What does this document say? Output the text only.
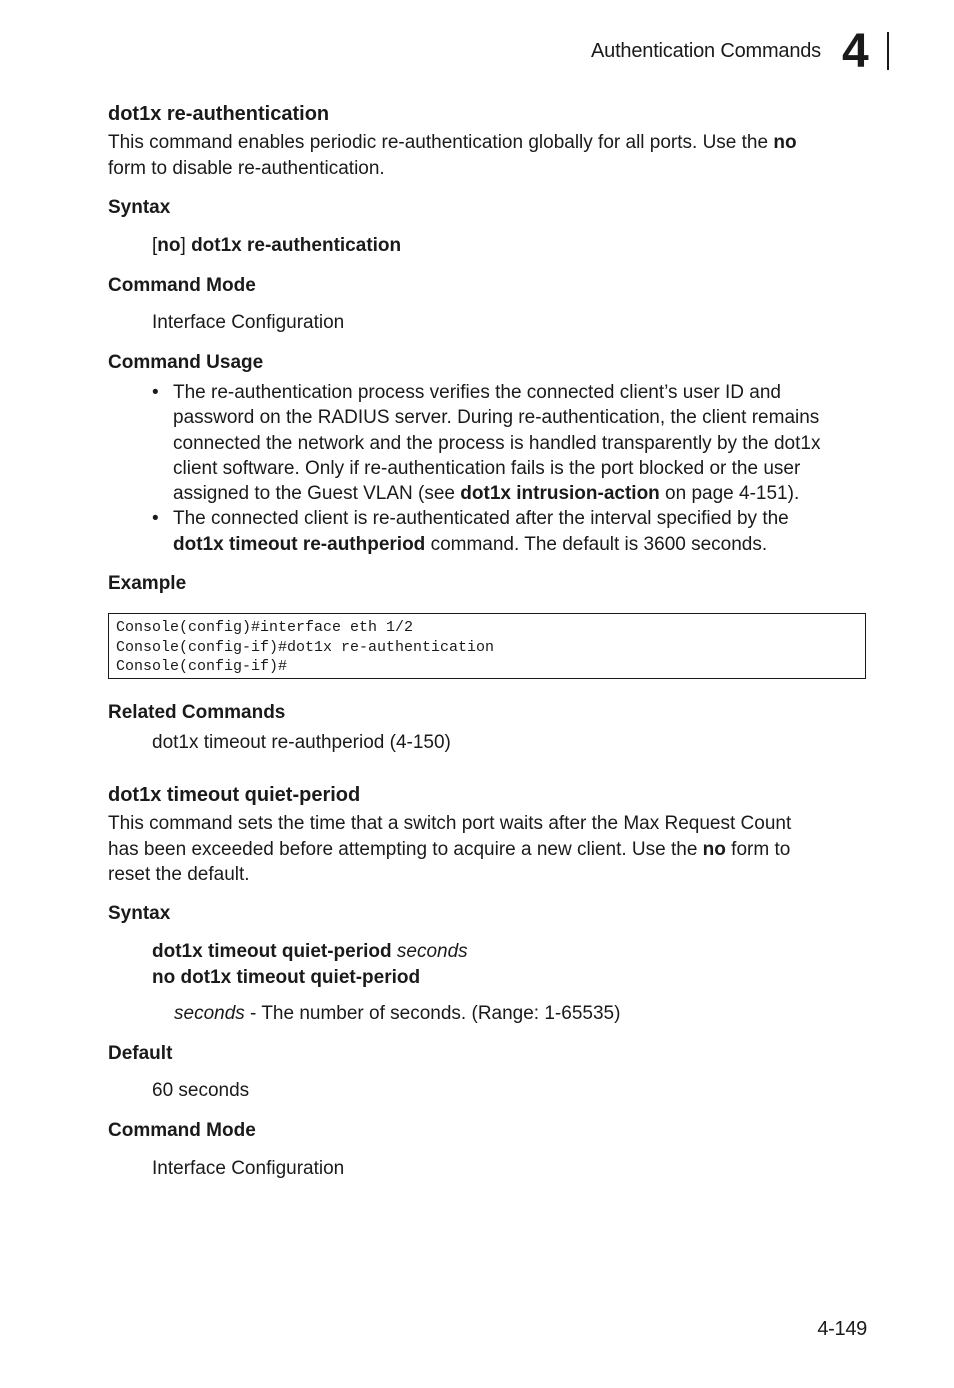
Authentication Commands 4
dot1x re-authentication
This command enables periodic re-authentication globally for all ports. Use the no
form to disable re-authentication.
Syntax
[no] dot1x re-authentication
Command Mode
Interface Configuration
Command Usage
• The re-authentication process verifies the connected client’s user ID and
password on the RADIUS server. During re-authentication, the client remains
connected the network and the process is handled transparently by the dot1x
client software. Only if re-authentication fails is the port blocked or the user
assigned to the Guest VLAN (see dot1x intrusion-action on page 4-151).
• The connected client is re-authenticated after the interval specified by the
dot1x timeout re-authperiod command. The default is 3600 seconds.
Example
Console(config)#interface eth 1/2
Console(config-if)#dot1x re-authentication
Console(config-if)#
Related Commands
dot1x timeout re-authperiod (4-150)
dot1x timeout quiet-period
This command sets the time that a switch port waits after the Max Request Count
has been exceeded before attempting to acquire a new client. Use the no form to
reset the default.
Syntax
dot1x timeout quiet-period seconds
no dot1x timeout quiet-period
seconds - The number of seconds. (Range: 1-65535)
Default
60 seconds
Command Mode
Interface Configuration
4-149
